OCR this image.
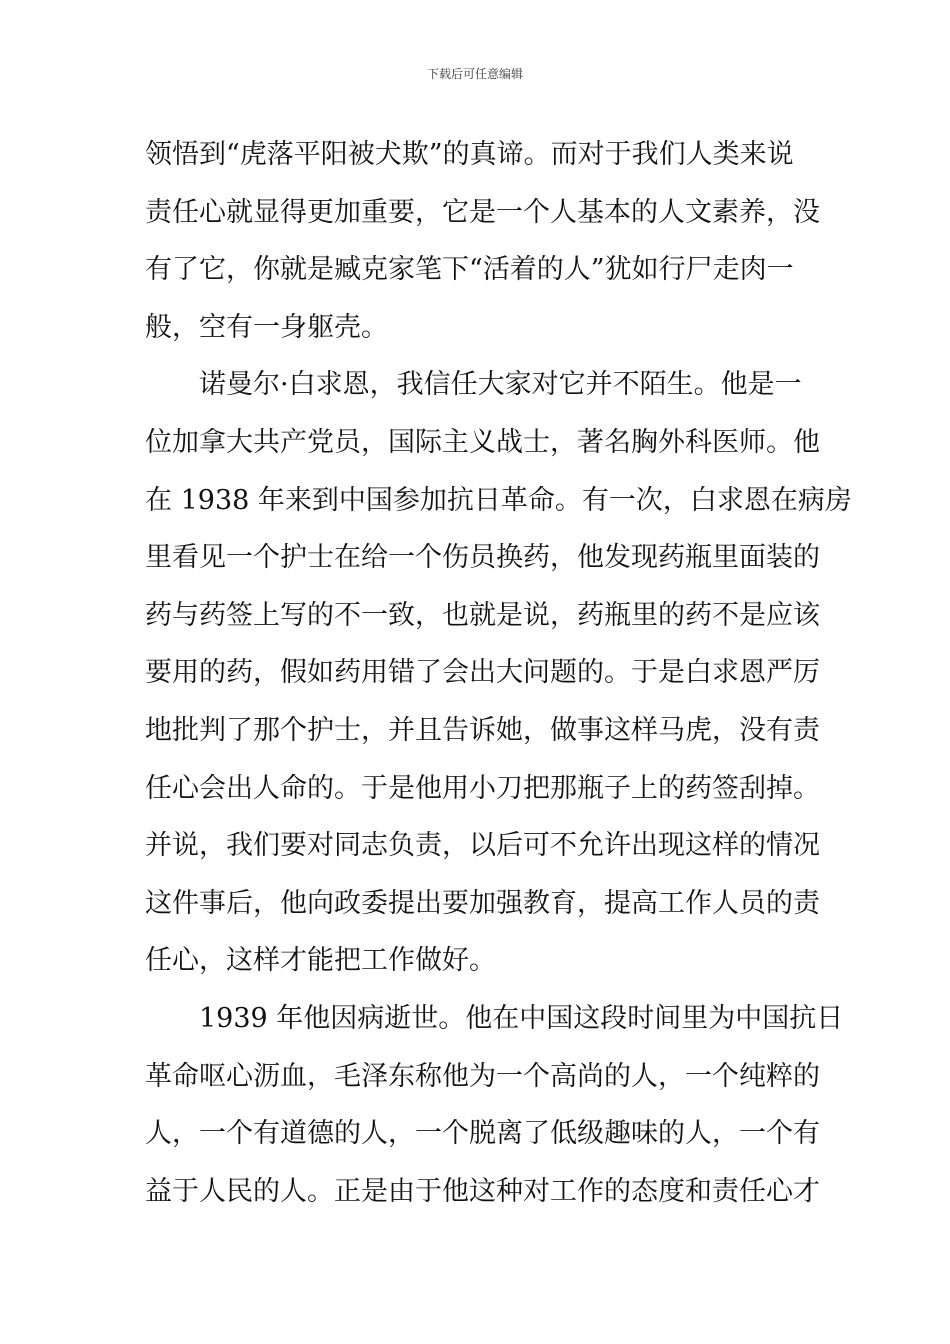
下载后可任意编辑
领悟到“虎落平阳被犬欺”的真谛。而对于我们人类来说
责任心就显得更加重要，它是一个人基本的人文素养，没
有了它，你就是臧克家笔下“活着的人”犹如行尸走肉一
般，空有一身躯壳。
诺曼尔·白求恩，我信任大家对它并不陌生。他是一
位加拿大共产党员，国际主义战士，著名胸外科医师。他
在 1938 年来到中国参加抗日革命。有一次，白求恩在病房
里看见一个护士在给一个伤员换药，他发现药瓶里面装的
药与药签上写的不一致，也就是说，药瓶里的药不是应该
要用的药，假如药用错了会出大问题的。于是白求恩严厉
地批判了那个护士，并且告诉她，做事这样马虎，没有责
任心会出人命的。于是他用小刀把那瓶子上的药签刮掉。
并说，我们要对同志负责，以后可不允许出现这样的情况
这件事后，他向政委提出要加强教育，提高工作人员的责
任心，这样才能把工作做好。
1939 年他因病逝世。他在中国这段时间里为中国抗日
革命呕心沥血，毛泽东称他为一个高尚的人，一个纯粹的
人，一个有道德的人，一个脱离了低级趣味的人，一个有
益于人民的人。正是由于他这种对工作的态度和责任心才
